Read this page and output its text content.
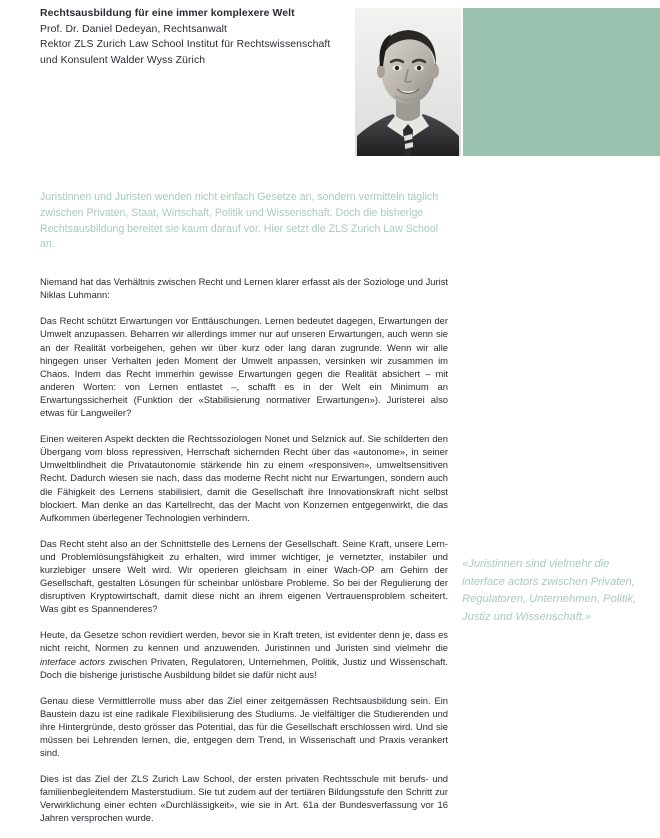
Rechtsausbildung für eine immer komplexere Welt
Prof. Dr. Daniel Dedeyan, Rechtsanwalt
Rektor ZLS Zurich Law School Institut für Rechtswissenschaft
und Konsulent Walder Wyss Zürich

Juristinnen und Juristen wenden nicht einfach Gesetze an, sondern vermitteln täglich zwischen Privaten, Staat, Wirtschaft, Politik und Wissenschaft. Doch die bisherige Rechtsausbildung bereitet sie kaum darauf vor. Hier setzt die ZLS Zurich Law School an.

Niemand hat das Verhältnis zwischen Recht und Lernen klarer erfasst als der Soziologe und Jurist Niklas Luhmann:

Das Recht schützt Erwartungen vor Enttäuschungen. Lernen bedeutet dagegen, Erwartungen der Umwelt anzupassen. Beharren wir allerdings immer nur auf unseren Erwartungen, auch wenn sie an der Realität vorbeigehen, gehen wir über kurz oder lang daran zugrunde. Wenn wir alle hingegen unser Verhalten jeden Moment der Umwelt anpassen, versinken wir zusammen im Chaos. Indem das Recht immerhin gewisse Erwartungen gegen die Realität absichert – mit anderen Worten: von Lernen entlastet –, schafft es in der Welt ein Minimum an Erwartungssicherheit (Funktion der «Stabilisierung normativer Erwartungen»). Juristerei also etwas für Langweiler?

Einen weiteren Aspekt deckten die Rechtssoziologen Nonet und Selznick auf. Sie schilderten den Übergang vom bloss repressiven, Herrschaft sichernden Recht über das «autonome», in seiner Umweltblindheit die Privatautonomie stärkende hin zu einem «responsiven», umweltsensitiven Recht. Dadurch wiesen sie nach, dass das moderne Recht nicht nur Erwartungen, sondern auch die Fähigkeit des Lernens stabilisiert, damit die Gesellschaft ihre Innovationskraft nicht selbst blockiert. Man denke an das Kartellrecht, das der Macht von Konzernen entgegenwirkt, die das Aufkommen überlegener Technologien verhindern.

Das Recht steht also an der Schnittstelle des Lernens der Gesellschaft. Seine Kraft, unsere Lern- und Problemlösungsfähigkeit zu erhalten, wird immer wichtiger, je vernetzter, instabiler und kurzlebiger unsere Welt wird. Wir operieren gleichsam in einer Wach-OP am Gehirn der Gesellschaft, gestalten Lösungen für scheinbar unlösbare Probleme. So bei der Regulierung der disruptiven Kryptowirtschaft, damit diese nicht an ihrem eigenen Vertrauensproblem scheitert. Was gibt es Spannenderes?

Heute, da Gesetze schon revidiert werden, bevor sie in Kraft treten, ist evidenter denn je, dass es nicht reicht, Normen zu kennen und anzuwenden. Juristinnen und Juristen sind vielmehr die interface actors zwischen Privaten, Regulatoren, Unternehmen, Politik, Justiz und Wissenschaft. Doch die bisherige juristische Ausbildung bildet sie dafür nicht aus!

Genau diese Vermittlerrolle muss aber das Ziel einer zeitgemässen Rechtsausbildung sein. Ein Baustein dazu ist eine radikale Flexibilisierung des Studiums. Je vielfältiger die Studierenden und ihre Hintergründe, desto grösser das Potential, das für die Gesellschaft erschlossen wird. Und sie müssen bei Lehrenden lernen, die, entgegen dem Trend, in Wissenschaft und Praxis verankert sind.

Dies ist das Ziel der ZLS Zurich Law School, der ersten privaten Rechtsschule mit berufs- und familienbegleitendem Masterstudium. Sie tut zudem auf der tertiären Bildungsstufe den Schritt zur Verwirklichung einer echten «Durchlässigkeit», wie sie in Art. 61a der Bundesverfassung vor 16 Jahren versprochen wurde.

«Juristinnen sind vielmehr die interface actors zwischen Privaten, Regulatoren, Unternehmen, Politik, Justiz und Wissenschaft.»
